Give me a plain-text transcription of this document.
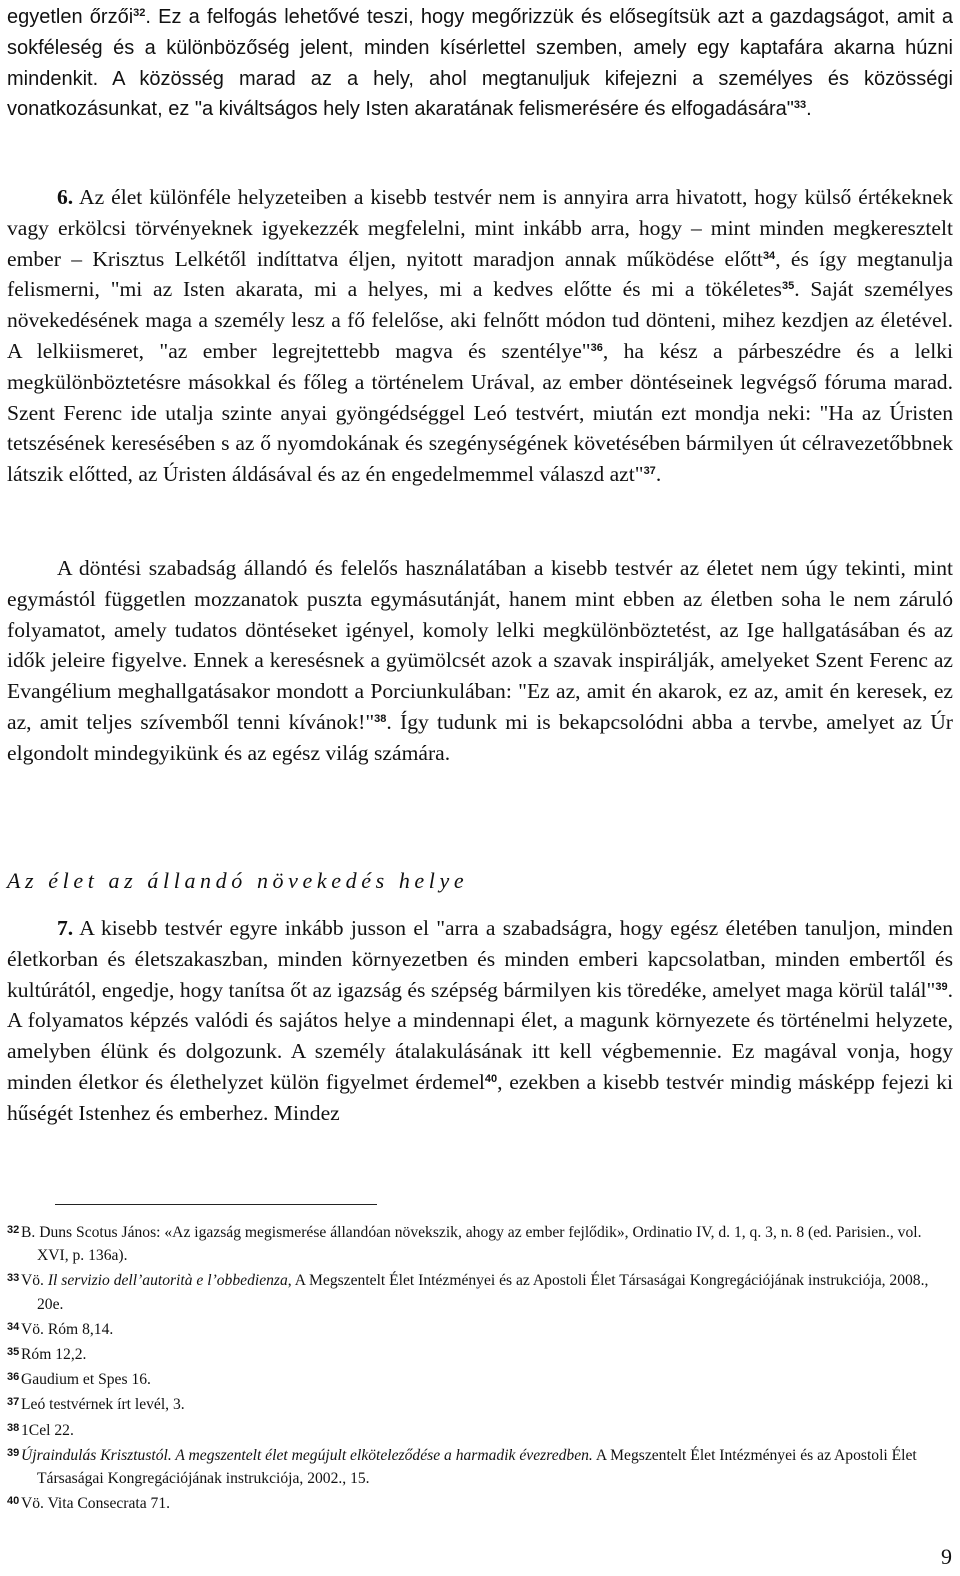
egyetlen őrzői$^{32}$. Ez a felfogás lehetővé teszi, hogy megőrizzük és elősegítsük azt a gazdagságot, amit a sokféleség és a különbözőség jelent, minden kísérlettel szemben, amely egy kaptafára akarna húzni mindenkit. A közösség marad az a hely, ahol megtanuljuk kifejezni a személyes és közösségi vonatkozásunkat, ez "a kiváltságos hely Isten akaratának felismerésére és elfogadására"$^{33}$.

6. Az élet különféle helyzeteiben a kisebb testvér nem is annyira arra hivatott, hogy külső értékeknek vagy erkölcsi törvényeknek igyekezzék megfelelni, mint inkább arra, hogy – mint minden megkeresztelt ember – Krisztus Lelkétől indíttatva éljen, nyitott maradjon annak működése előtt$^{34}$, és így megtanulja felismerni, "mi az Isten akarata, mi a helyes, mi a kedves előtte és mi a tökéletes$^{35}$. Saját személyes növekedésének maga a személy lesz a fő felelőse, aki felnőtt módon tud dönteni, mihez kezdjen az életével. A lelkiismeret, "az ember legrejtettebb magva és szentélye"$^{36}$, ha kész a párbeszédre és a lelki megkülönböztetésre másokkal és főleg a történelem Urával, az ember döntéseinek legvégső fóruma marad. Szent Ferenc ide utalja szinte anyai gyöngédséggel Leó testvért, miután ezt mondja neki: "Ha az Úristen tetszésének keresésében s az ő nyomdokának és szegénységének követésében bármilyen út célravezetőbbnek látszik előtted, az Úristen áldásával és az én engedelmemmel válaszd azt"$^{37}$.

A döntési szabadság állandó és felelős használatában a kisebb testvér az életet nem úgy tekinti, mint egymástól független mozzanatok puszta egymásutánját, hanem mint ebben az életben soha le nem záruló folyamatot, amely tudatos döntéseket igényel, komoly lelki megkülönböztetést, az Ige hallgatásában és az idők jeleire figyelve. Ennek a keresésnek a gyümölcsét azok a szavak inspirálják, amelyeket Szent Ferenc az Evangélium meghallgatásakor mondott a Porciunkulában: "Ez az, amit én akarok, ez az, amit én keresek, ez az, amit teljes szívemből tenni kívánok!"$^{38}$. Így tudunk mi is bekapcsolódni abba a tervbe, amelyet az Úr elgondolt mindegyikünk és az egész világ számára.

Az élet az állandó növekedés helye

7. A kisebb testvér egyre inkább jusson el "arra a szabadságra, hogy egész életében tanuljon, minden életkorban és életszakaszban, minden környezetben és minden emberi kapcsolatban, minden embertől és kultúrától, engedje, hogy tanítsa őt az igazság és szépség bármilyen kis töredéke, amelyet maga körül talál"$^{39}$. A folyamatos képzés valódi és sajátos helye a mindennapi élet, a magunk környezete és történelmi helyzete, amelyben élünk és dolgozunk. A személy átalakulásának itt kell végbemennie. Ez magával vonja, hogy minden életkor és élethelyzet külön figyelmet érdemel$^{40}$, ezekben a kisebb testvér mindig másképp fejezi ki hűségét Istenhez és emberhez. Mindez

32 B. Duns Scotus János: «Az igazság megismerése állandóan növekszik, ahogy az ember fejlődik», Ordinatio IV, d. 1, q. 3, n. 8 (ed. Parisien., vol. XVI, p. 136a).

33 Vö. Il servizio dell’autorità e l’obbedienza, A Megszentelt Élet Intézményei és az Apostoli Élet Társaságai Kongregációjának instrukciója, 2008., 20e.

34 Vö. Róm 8,14.

35 Róm 12,2.

36 Gaudium et Spes 16.

37 Leó testvérnek írt levél, 3.

38 1Cel 22.

39 Újraindulás Krisztustól. A megszentelt élet megújult elköteleződése a harmadik évezredben. A Megszentelt Élet Intézményei és az Apostoli Élet Társaságai Kongregációjának instrukciója, 2002., 15.

40 Vö. Vita Consecrata 71.

9
